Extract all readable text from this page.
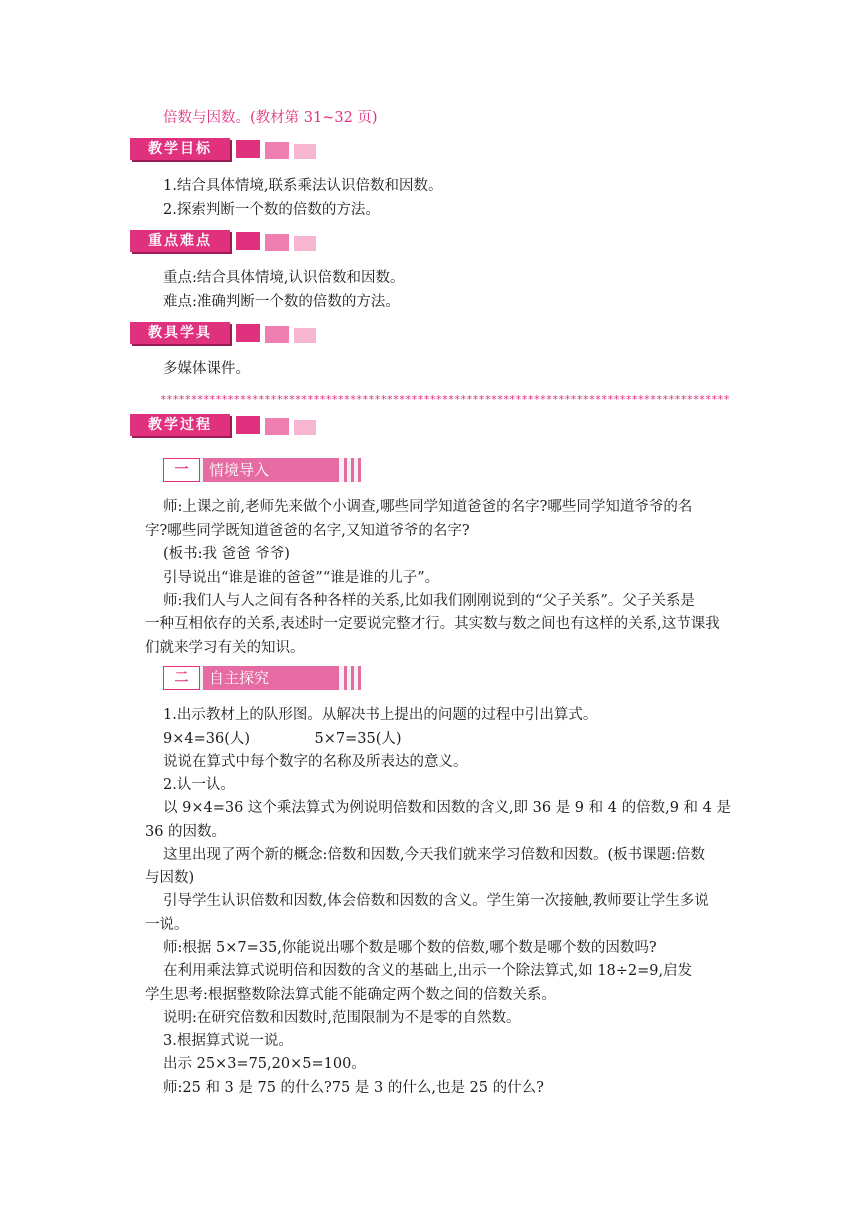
倍数与因数。(教材第 31~32 页)
教学目标
1.结合具体情境,联系乘法认识倍数和因数。
2.探索判断一个数的倍数的方法。
重点难点
重点:结合具体情境,认识倍数和因数。
难点:准确判断一个数的倍数的方法。
教具学具
多媒体课件。
*********************************************************************************************
教学过程
一	情境导入
师:上课之前,老师先来做个小调查,哪些同学知道爸爸的名字?哪些同学知道爷爷的名
字?哪些同学既知道爸爸的名字,又知道爷爷的名字?
(板书:我 爸爸 爷爷)
引导说出“谁是谁的爸爸”“谁是谁的儿子”。
师:我们人与人之间有各种各样的关系,比如我们刚刚说到的“父子关系”。父子关系是
一种互相依存的关系,表述时一定要说完整才行。其实数与数之间也有这样的关系,这节课我
们就来学习有关的知识。
二	自主探究
1.出示教材上的队形图。从解决书上提出的问题的过程中引出算式。
9×4=36(人)              5×7=35(人)
说说在算式中每个数字的名称及所表达的意义。
2.认一认。
以 9×4=36 这个乘法算式为例说明倍数和因数的含义,即 36 是 9 和 4 的倍数,9 和 4 是
36 的因数。
这里出现了两个新的概念:倍数和因数,今天我们就来学习倍数和因数。(板书课题:倍数
与因数)
引导学生认识倍数和因数,体会倍数和因数的含义。学生第一次接触,教师要让学生多说
一说。
师:根据 5×7=35,你能说出哪个数是哪个数的倍数,哪个数是哪个数的因数吗?
在利用乘法算式说明倍和因数的含义的基础上,出示一个除法算式,如 18÷2=9,启发
学生思考:根据整数除法算式能不能确定两个数之间的倍数关系。
说明:在研究倍数和因数时,范围限制为不是零的自然数。
3.根据算式说一说。
出示 25×3=75,20×5=100。
师:25 和 3 是 75 的什么?75 是 3 的什么,也是 25 的什么?
